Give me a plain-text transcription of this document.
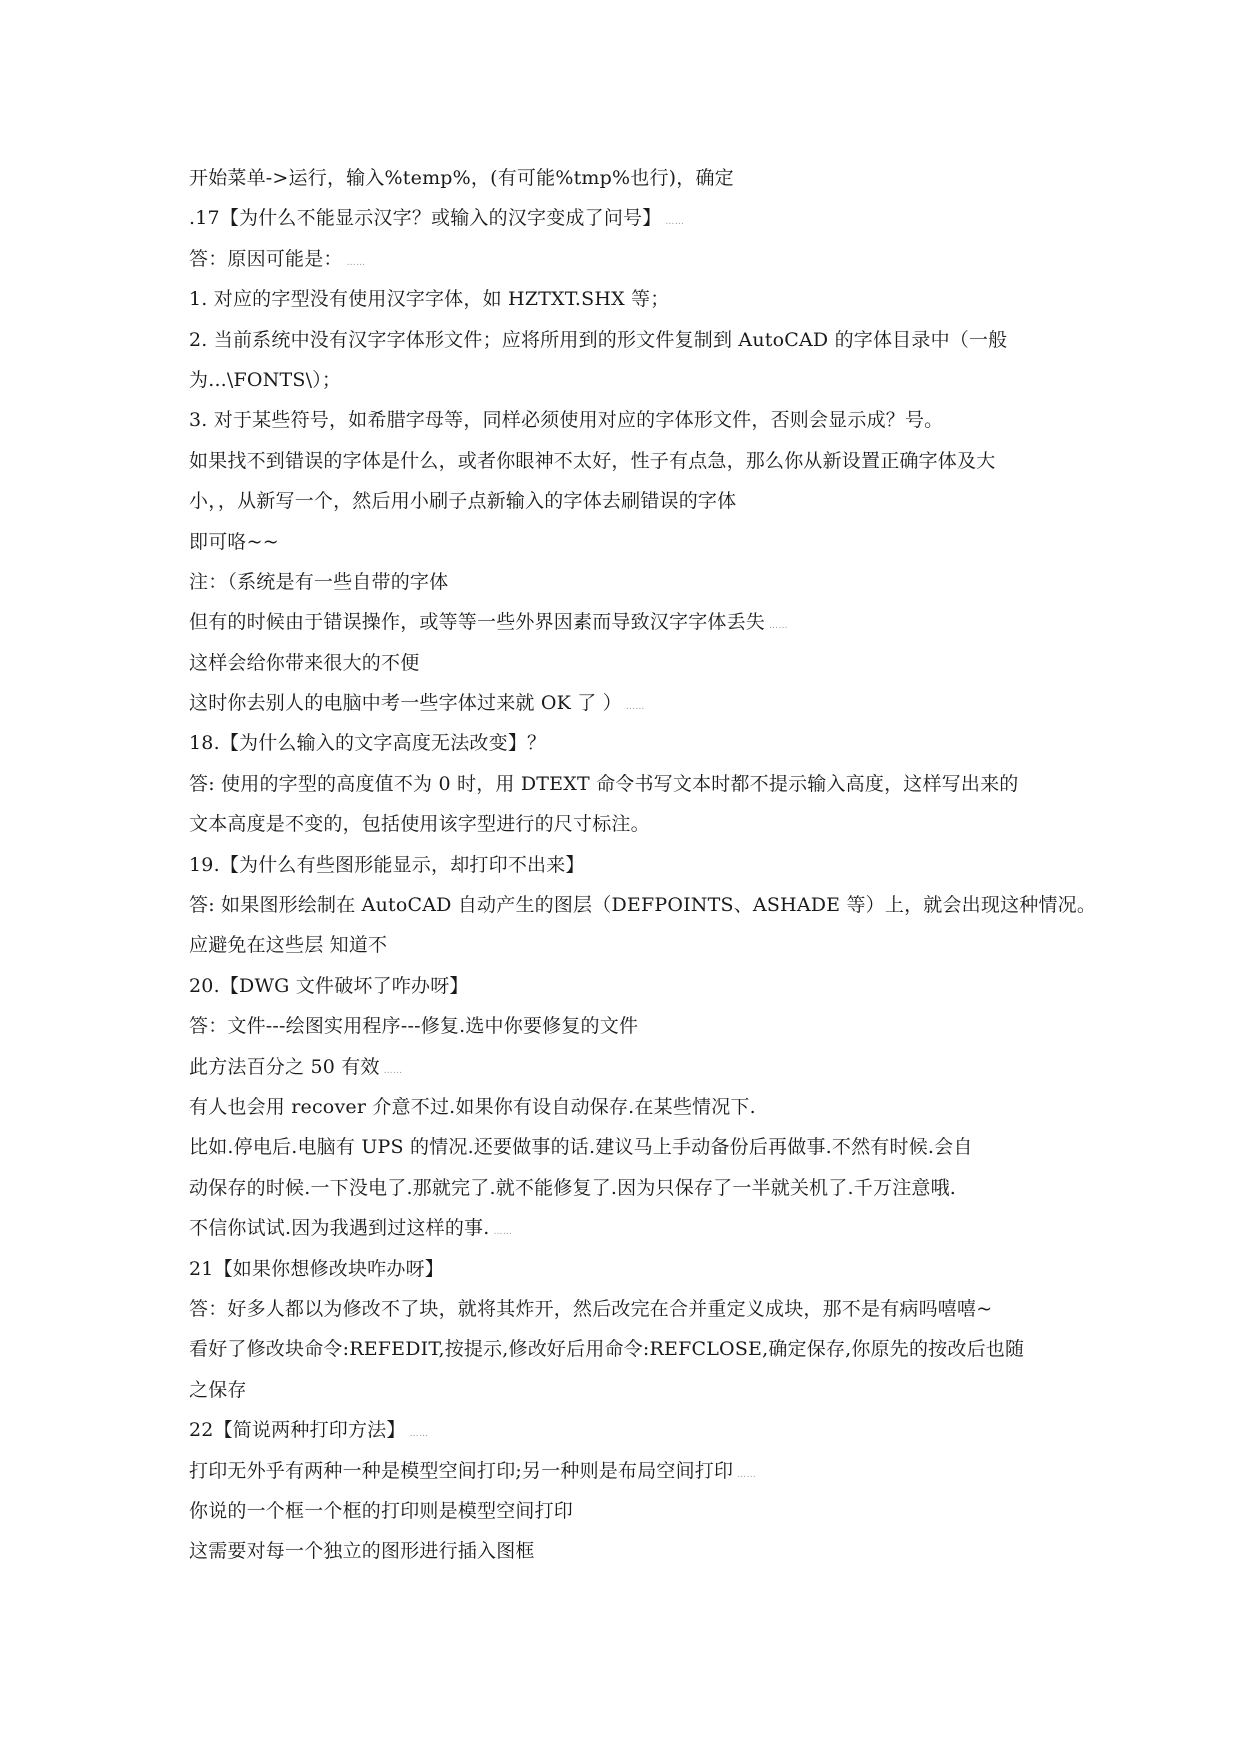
开始菜单->运行，输入%temp%，(有可能%tmp%也行)，确定
.17【为什么不能显示汉字？或输入的汉字变成了问号】 ……
答：原因可能是： ……
1. 对应的字型没有使用汉字字体，如 HZTXT.SHX 等；
2. 当前系统中没有汉字字体形文件；应将所用到的形文件复制到 AutoCAD 的字体目录中（一般
为...\FONTS\）；
3. 对于某些符号，如希腊字母等，同样必须使用对应的字体形文件，否则会显示成？号。
如果找不到错误的字体是什么，或者你眼神不太好，性子有点急，那么你从新设置正确字体及大
小，，从新写一个，然后用小刷子点新输入的字体去刷错误的字体
即可咯~~
注：（系统是有一些自带的字体
但有的时候由于错误操作，或等等一些外界因素而导致汉字字体丢失 ……
这样会给你带来很大的不便
这时你去别人的电脑中考一些字体过来就 OK 了 ） ……
18.【为什么输入的文字高度无法改变】？
答: 使用的字型的高度值不为 0 时，用 DTEXT 命令书写文本时都不提示输入高度，这样写出来的
文本高度是不变的，包括使用该字型进行的尺寸标注。
19.【为什么有些图形能显示，却打印不出来】
答: 如果图形绘制在 AutoCAD 自动产生的图层（DEFPOINTS、ASHADE 等）上，就会出现这种情况。
应避免在这些层 知道不
20.【DWG 文件破坏了咋办呀】
答：文件---绘图实用程序---修复.选中你要修复的文件
此方法百分之 50 有效 ……
有人也会用 recover 介意不过.如果你有设自动保存.在某些情况下.
比如.停电后.电脑有 UPS 的情况.还要做事的话.建议马上手动备份后再做事.不然有时候.会自
动保存的时候.一下没电了.那就完了.就不能修复了.因为只保存了一半就关机了.千万注意哦.
不信你试试.因为我遇到过这样的事. ……
21【如果你想修改块咋办呀】
答：好多人都以为修改不了块，就将其炸开，然后改完在合并重定义成块，那不是有病吗嘻嘻~
看好了修改块命令:REFEDIT,按提示,修改好后用命令:REFCLOSE,确定保存,你原先的按改后也随
之保存
22【简说两种打印方法】 ……
打印无外乎有两种一种是模型空间打印;另一种则是布局空间打印 ……
你说的一个框一个框的打印则是模型空间打印
这需要对每一个独立的图形进行插入图框
